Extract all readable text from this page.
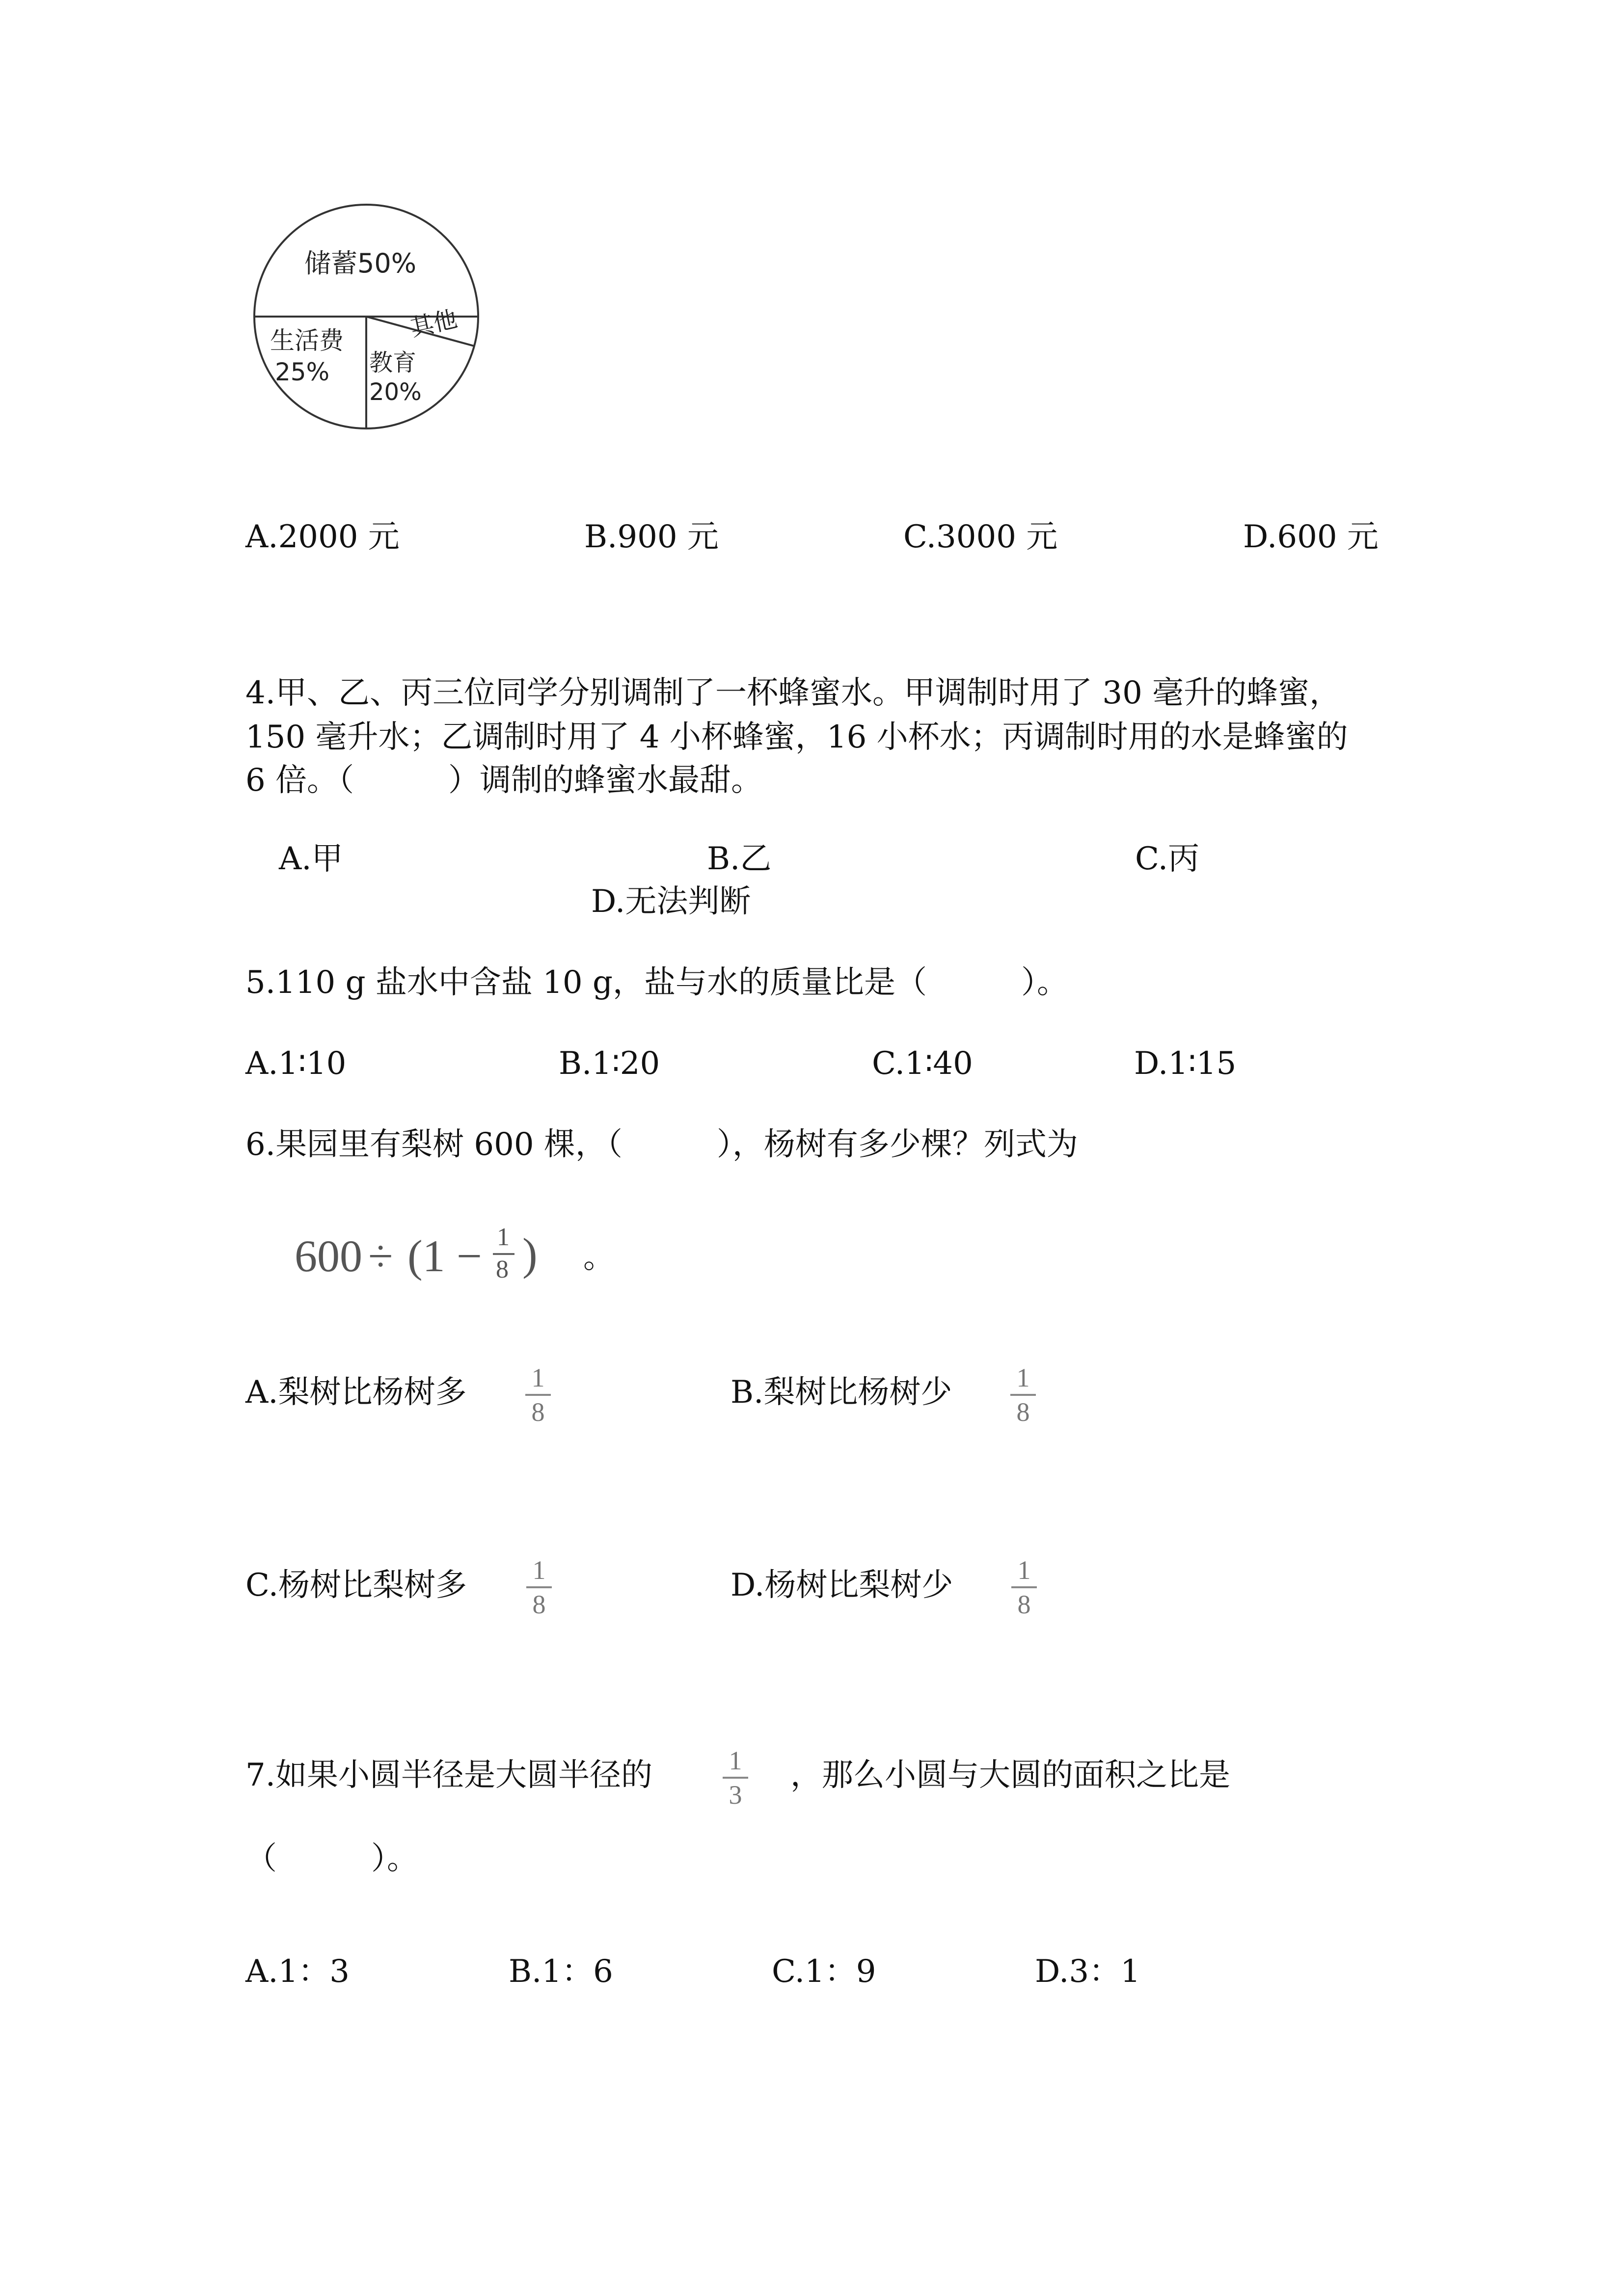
储蓄50%
生活费
25%
其他
教育
20%
A.2000 元	B.900 元	C.3000 元	D.600 元
4.甲、乙、丙三位同学分别调制了一杯蜂蜜水。甲调制时用了 30 毫升的蜂蜜，
150 毫升水；乙调制时用了 4 小杯蜂蜜，16 小杯水；丙调制时用的水是蜂蜜的
6 倍。（　　　）调制的蜂蜜水最甜。
A.甲	B.乙	C.丙
D.无法判断
5.110 g 盐水中含盐 10 g，盐与水的质量比是（　　　）。
A.1∶10	B.1∶20	C.1∶40	D.1∶15
6.果园里有梨树 600 棵，（　　　），杨树有多少棵？列式为
600 ÷ (1 − 1
8 ) 。
A.梨树比杨树多	1
8
B.梨树比杨树少	1
8
C.杨树比梨树多	1
8
D.杨树比梨树少	1
8
7.如果小圆半径是大圆半径的	1
3
，那么小圆与大圆的面积之比是
（　　　）。
A.1：3	B.1：6	C.1：9	D.3：1
